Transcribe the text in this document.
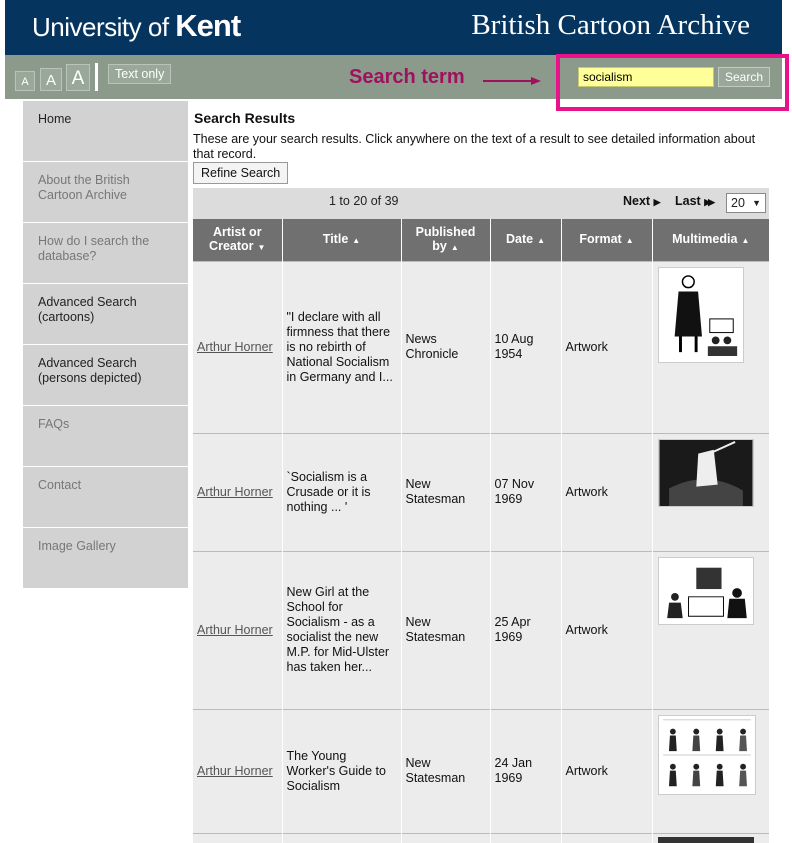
University of Kent	British Cartoon Archive
A	A A	Text only	Search term
socialism	Search
Home
About the British Cartoon Archive
How do I search the database?
Advanced Search (cartoons)
Advanced Search (persons depicted)
FAQs
Contact
Image Gallery
Search Results
These are your search results. Click anywhere on the text of a result to see detailed information about that record.
Refine Search
1 to 20 of 39	Next ▶ Last ▶▶	20 ▼
Artist or Creator ▼	Title ▲	Published by ▲	Date ▲	Format ▲	Multimedia ▲
Arthur Horner	"I declare with all firmness that there is no rebirth of National Socialism in Germany and I...	News Chronicle	10 Aug 1954	Artwork	
Arthur Horner	`Socialism is a Crusade or it is nothing ... '	New Statesman	07 Nov 1969	Artwork	
Arthur Horner	New Girl at the School for Socialism - as a socialist the new M.P. for Mid-Ulster has taken her...	New Statesman	25 Apr 1969	Artwork	
Arthur Horner	The Young Worker's Guide to Socialism	New Statesman	24 Jan 1969	Artwork	
